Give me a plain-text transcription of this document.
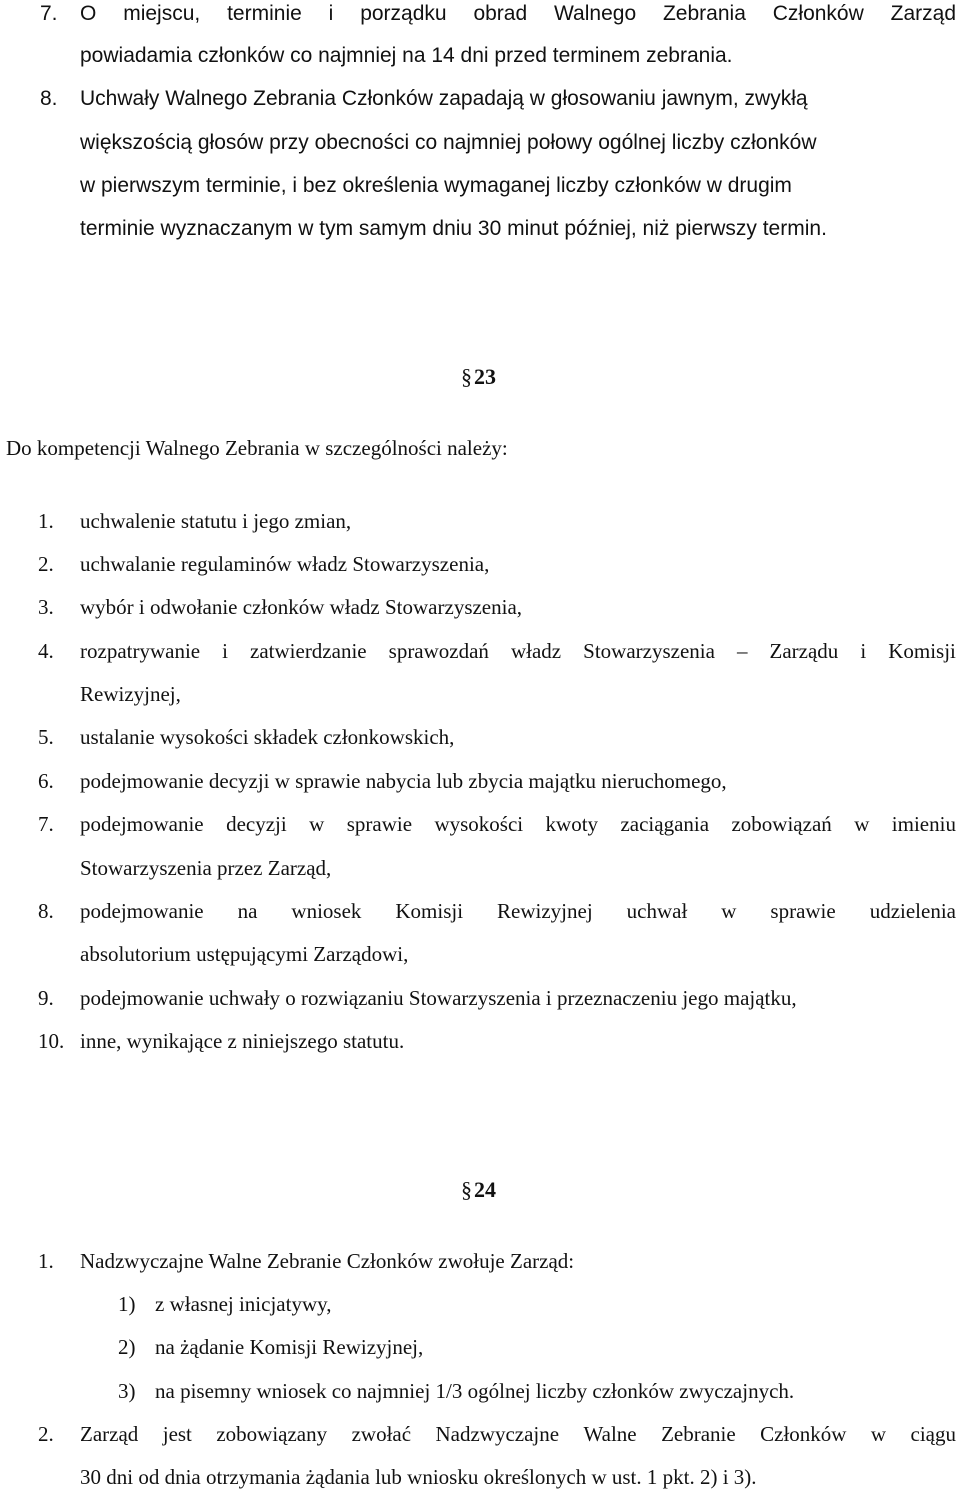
7. O miejscu, terminie i porządku obrad Walnego Zebrania Członków Zarząd
powiadamia członków co najmniej na 14 dni przed terminem zebrania.
8. Uchwały Walnego Zebrania Członków zapadają w głosowaniu jawnym, zwykłą
większością głosów przy obecności co najmniej połowy ogólnej liczby członków
w pierwszym terminie, i bez określenia wymaganej liczby członków w drugim
terminie wyznaczanym w tym samym dniu 30 minut później, niż pierwszy termin.
§23
Do kompetencji Walnego Zebrania w szczególności należy:
1. uchwalenie statutu i jego zmian,
2. uchwalanie regulaminów władz Stowarzyszenia,
3. wybór i odwołanie członków władz Stowarzyszenia,
4. rozpatrywanie i zatwierdzanie sprawozdań władz Stowarzyszenia – Zarządu i Komisji
Rewizyjnej,
5. ustalanie wysokości składek członkowskich,
6. podejmowanie decyzji w sprawie nabycia lub zbycia majątku nieruchomego,
7. podejmowanie decyzji w sprawie wysokości kwoty zaciągania zobowiązań w imieniu
Stowarzyszenia przez Zarząd,
8. podejmowanie na wniosek Komisji Rewizyjnej uchwał w sprawie udzielenia
absolutorium ustępującymi Zarządowi,
9. podejmowanie uchwały o rozwiązaniu Stowarzyszenia i przeznaczeniu jego majątku,
10. inne, wynikające z niniejszego statutu.
§24
1. Nadzwyczajne Walne Zebranie Członków zwołuje Zarząd:
1) z własnej inicjatywy,
2) na żądanie Komisji Rewizyjnej,
3) na pisemny wniosek co najmniej 1/3 ogólnej liczby członków zwyczajnych.
2. Zarząd jest zobowiązany zwołać Nadzwyczajne Walne Zebranie Członków w ciągu
30 dni od dnia otrzymania żądania lub wniosku określonych w ust. 1 pkt. 2) i 3).
